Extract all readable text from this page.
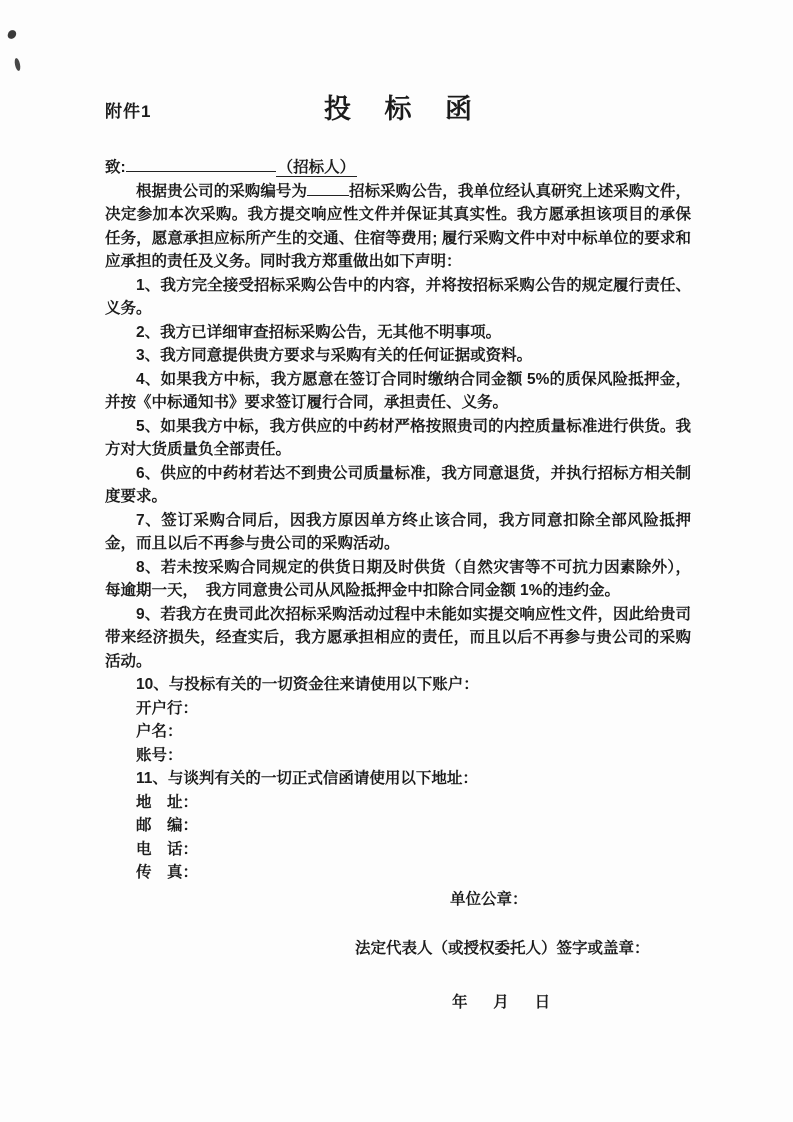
附件1	投 标 函

致:	（招标人）

根据贵公司的采购编号为	招标采购公告，我单位经认真研究上述采购文件，决定参加本次采购。我方提交响应性文件并保证其真实性。我方愿承担该项目的承保任务，愿意承担应标所产生的交通、住宿等费用; 履行采购文件中对中标单位的要求和应承担的责任及义务。同时我方郑重做出如下声明：

1、我方完全接受招标采购公告中的内容，并将按招标采购公告的规定履行责任、义务。

2、我方已详细审查招标采购公告，无其他不明事项。

3、我方同意提供贵方要求与采购有关的任何证据或资料。

4、如果我方中标，我方愿意在签订合同时缴纳合同金额 5%的质保风险抵押金，并按《中标通知书》要求签订履行合同，承担责任、义务。

5、如果我方中标，我方供应的中药材严格按照贵司的内控质量标准进行供货。我方对大货质量负全部责任。

6、供应的中药材若达不到贵公司质量标准，我方同意退货，并执行招标方相关制度要求。

7、签订采购合同后，因我方原因单方终止该合同，我方同意扣除全部风险抵押金，而且以后不再参与贵公司的采购活动。

8、若未按采购合同规定的供货日期及时供货（自然灾害等不可抗力因素除外），每逾期一天，　我方同意贵公司从风险抵押金中扣除合同金额 1%的违约金。

9、若我方在贵司此次招标采购活动过程中未能如实提交响应性文件，因此给贵司带来经济损失，经查实后，我方愿承担相应的责任，而且以后不再参与贵公司的采购活动。

10、与投标有关的一切资金往来请使用以下账户：

开户行：

户名：

账号：

11、与谈判有关的一切正式信函请使用以下地址：

地　址：

邮　编：

电　话：

传　真：

单位公章：

法定代表人（或授权委托人）签字或盖章：

年　 月　 日
